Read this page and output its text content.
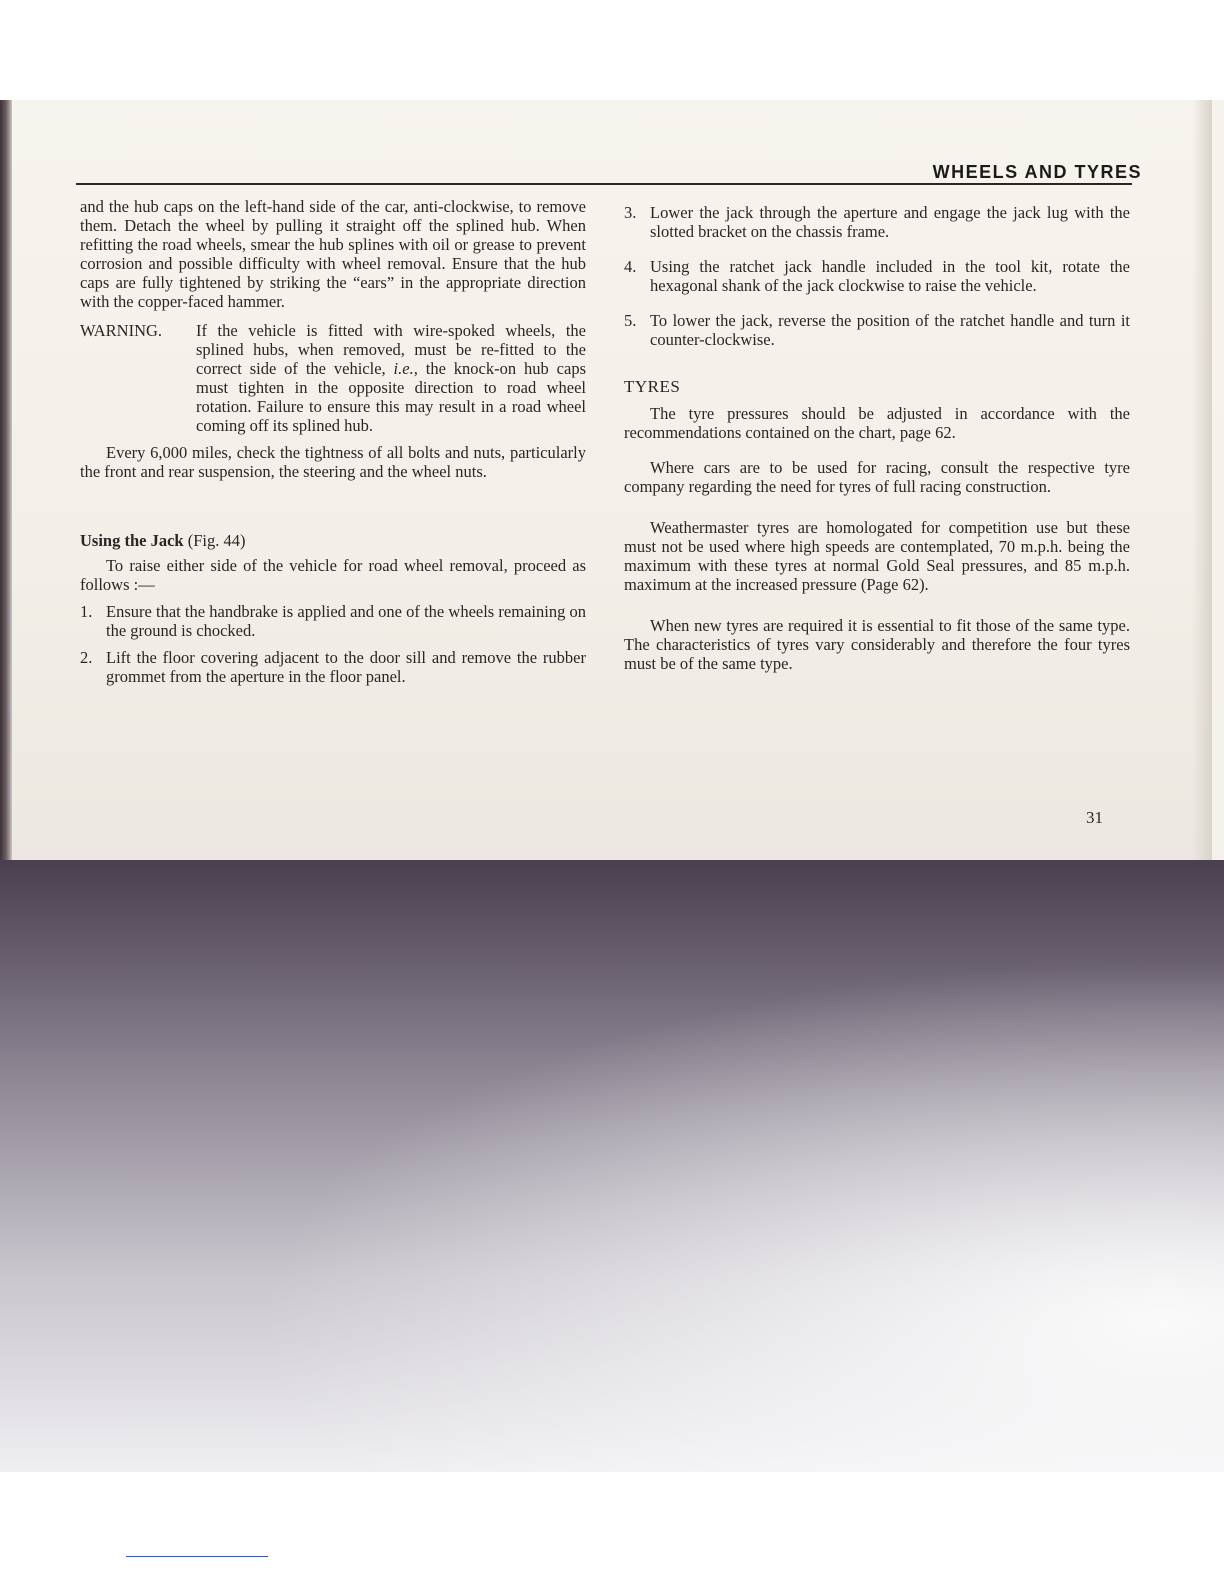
WHEELS AND TYRES

and the hub caps on the left-hand side of the car, anti-clockwise, to remove them. Detach the wheel by pulling it straight off the splined hub. When refitting the road wheels, smear the hub splines with oil or grease to prevent corrosion and possible difficulty with wheel removal. Ensure that the hub caps are fully tightened by striking the “ears” in the appropriate direction with the copper-faced hammer.

WARNING.	If the vehicle is fitted with wire-spoked wheels, the splined hubs, when removed, must be re-fitted to the correct side of the vehicle, i.e., the knock-on hub caps must tighten in the opposite direction to road wheel rotation. Failure to ensure this may result in a road wheel coming off its splined hub.

Every 6,000 miles, check the tightness of all bolts and nuts, particularly the front and rear suspension, the steering and the wheel nuts.

Using the Jack (Fig. 44)

To raise either side of the vehicle for road wheel removal, proceed as follows :—

1. Ensure that the handbrake is applied and one of the wheels remaining on the ground is chocked.
2. Lift the floor covering adjacent to the door sill and remove the rubber grommet from the aperture in the floor panel.
3. Lower the jack through the aperture and engage the jack lug with the slotted bracket on the chassis frame.
4. Using the ratchet jack handle included in the tool kit, rotate the hexagonal shank of the jack clockwise to raise the vehicle.
5. To lower the jack, reverse the position of the ratchet handle and turn it counter-clockwise.

TYRES

The tyre pressures should be adjusted in accordance with the recommendations contained on the chart, page 62.

Where cars are to be used for racing, consult the respective tyre company regarding the need for tyres of full racing construction.

Weathermaster tyres are homologated for competition use but these must not be used where high speeds are contemplated, 70 m.p.h. being the maximum with these tyres at normal Gold Seal pressures, and 85 m.p.h. maximum at the increased pressure (Page 62).

When new tyres are required it is essential to fit those of the same type. The characteristics of tyres vary considerably and therefore the four tyres must be of the same type.

31
